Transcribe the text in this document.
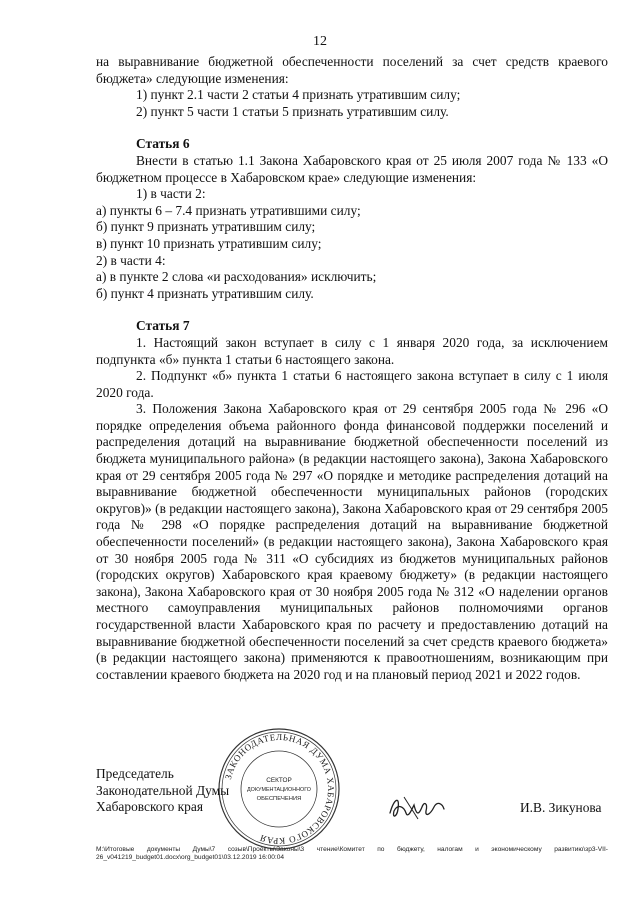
12

на выравнивание бюджетной обеспеченности поселений за счет средств краевого бюджета» следующие изменения:

1) пункт 2.1 части 2 статьи 4 признать утратившим силу;

2) пункт 5 части 1 статьи 5 признать утратившим силу.

Статья 6

Внести в статью 1.1 Закона Хабаровского края от 25 июля 2007 года № 133 «О бюджетном процессе в Хабаровском крае» следующие изменения:

1) в части 2:

а) пункты 6 – 7.4 признать утратившими силу;

б) пункт 9 признать утратившим силу;

в) пункт 10 признать утратившим силу;

2) в части 4:

а) в пункте 2 слова «и расходования» исключить;

б) пункт 4 признать утратившим силу.

Статья 7

1. Настоящий закон вступает в силу с 1 января 2020 года, за исключением подпункта «б» пункта 1 статьи 6 настоящего закона.

2. Подпункт «б» пункта 1 статьи 6 настоящего закона вступает в силу с 1 июля 2020 года.

3. Положения Закона Хабаровского края от 29 сентября 2005 года № 296 «О порядке определения объема районного фонда финансовой поддержки поселений и распределения дотаций на выравнивание бюджетной обеспеченности поселений из бюджета муниципального района» (в редакции настоящего закона), Закона Хабаровского края от 29 сентября 2005 года № 297 «О порядке и методике распределения дотаций на выравнивание бюджетной обеспеченности муниципальных районов (городских округов)» (в редакции настоящего закона), Закона Хабаровского края от 29 сентября 2005 года № 298 «О порядке распределения дотаций на выравнивание бюджетной обеспеченности поселений» (в редакции настоящего закона), Закона Хабаровского края от 30 ноября 2005 года № 311 «О субсидиях из бюджетов муниципальных районов (городских округов) Хабаровского края краевому бюджету» (в редакции настоящего закона), Закона Хабаровского края от 30 ноября 2005 года № 312 «О наделении органов местного самоуправления муниципальных районов полномочиями органов государственной власти Хабаровского края по расчету и предоставлению дотаций на выравнивание бюджетной обеспеченности поселений за счет средств краевого бюджета» (в редакции настоящего закона) применяются к правоотношениям, возникающим при составлении краевого бюджета на 2020 год и на плановый период 2021 и 2022 годов.

ЗАКОНОДАТЕЛЬНАЯ ДУМА ХАБАРОВСКОГО КРАЯ
СЕКТОР
ДОКУМЕНТАЦИОННОГО
ОБЕСПЕЧЕНИЯ
Председатель
Законодательной Думы
Хабаровского края	И.В. Зикунова
M:\Итоговые документы Думы\7 созыв\Проекты\Законы\3 чтение\Комитет по бюджету, налогам и экономическому развитию\зр3-VII-26_v041219_budget01.docx\org_budget01\03.12.2019 16:00:04
